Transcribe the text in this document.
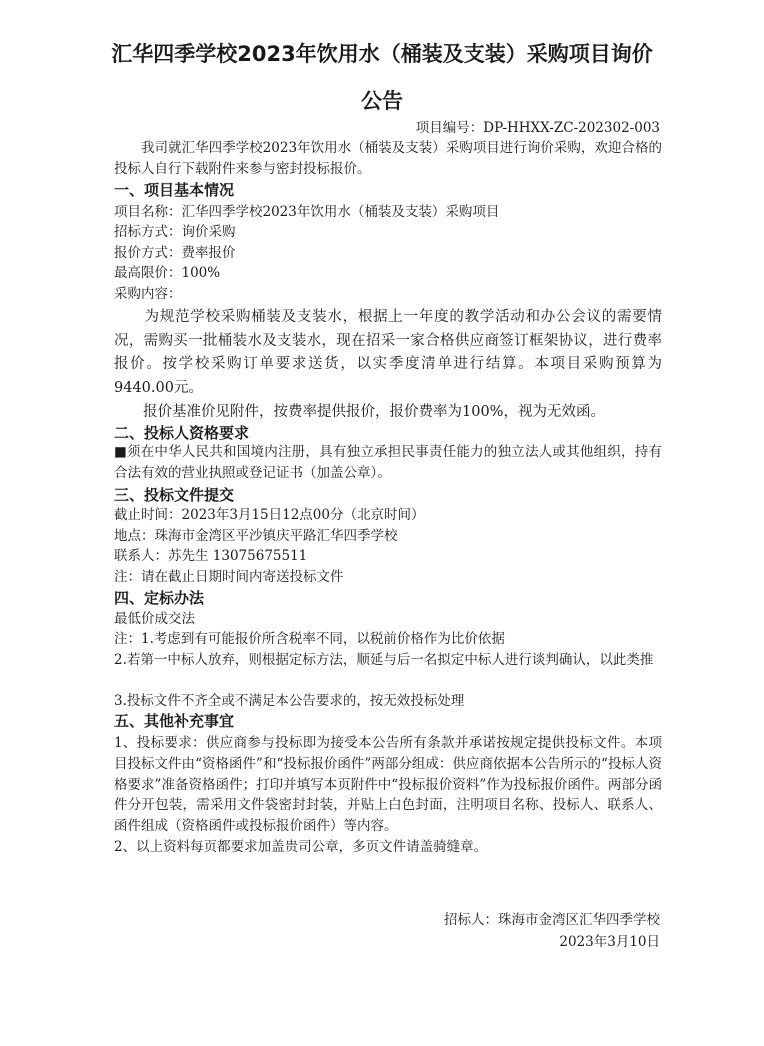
汇华四季学校2023年饮用水（桶装及支装）采购项目询价
公告
项目编号：DP-HHXX-ZC-202302-003
　　我司就汇华四季学校2023年饮用水（桶装及支装）采购项目进行询价采购，欢迎合格的投标人自行下载附件来参与密封投标报价。
一、项目基本情况
项目名称：汇华四季学校2023年饮用水（桶装及支装）采购项目
招标方式：询价采购
报价方式：费率报价
最高限价：100%
采购内容：
　　为规范学校采购桶装及支装水，根据上一年度的教学活动和办公会议的需要情况，需购买一批桶装水及支装水，现在招采一家合格供应商签订框架协议，进行费率报价。按学校采购订单要求送货，以实季度清单进行结算。本项目采购预算为9440.00元。
　　报价基准价见附件，按费率提供报价，报价费率为100%，视为无效函。
二、投标人资格要求
■须在中华人民共和国境内注册，具有独立承担民事责任能力的独立法人或其他组织，持有合法有效的营业执照或登记证书（加盖公章）。
三、投标文件提交
截止时间：2023年3月15日12点00分（北京时间）
地点：珠海市金湾区平沙镇庆平路汇华四季学校
联系人：苏先生 13075675511
注：请在截止日期时间内寄送投标文件
四、定标办法
最低价成交法
注：1.考虑到有可能报价所含税率不同，以税前价格作为比价依据
2.若第一中标人放弃，则根据定标方法，顺延与后一名拟定中标人进行谈判确认，以此类推
3.投标文件不齐全或不满足本公告要求的，按无效投标处理
五、其他补充事宜
1、投标要求：供应商参与投标即为接受本公告所有条款并承诺按规定提供投标文件。本项目投标文件由“资格函件”和“投标报价函件”两部分组成：供应商依据本公告所示的“投标人资格要求”准备资格函件；打印并填写本页附件中“投标报价资料”作为投标报价函件。两部分函件分开包装，需采用文件袋密封封装，并贴上白色封面，注明项目名称、投标人、联系人、函件组成（资格函件或投标报价函件）等内容。
2、以上资料每页都要求加盖贵司公章，多页文件请盖骑缝章。
招标人：珠海市金湾区汇华四季学校
2023年3月10日
